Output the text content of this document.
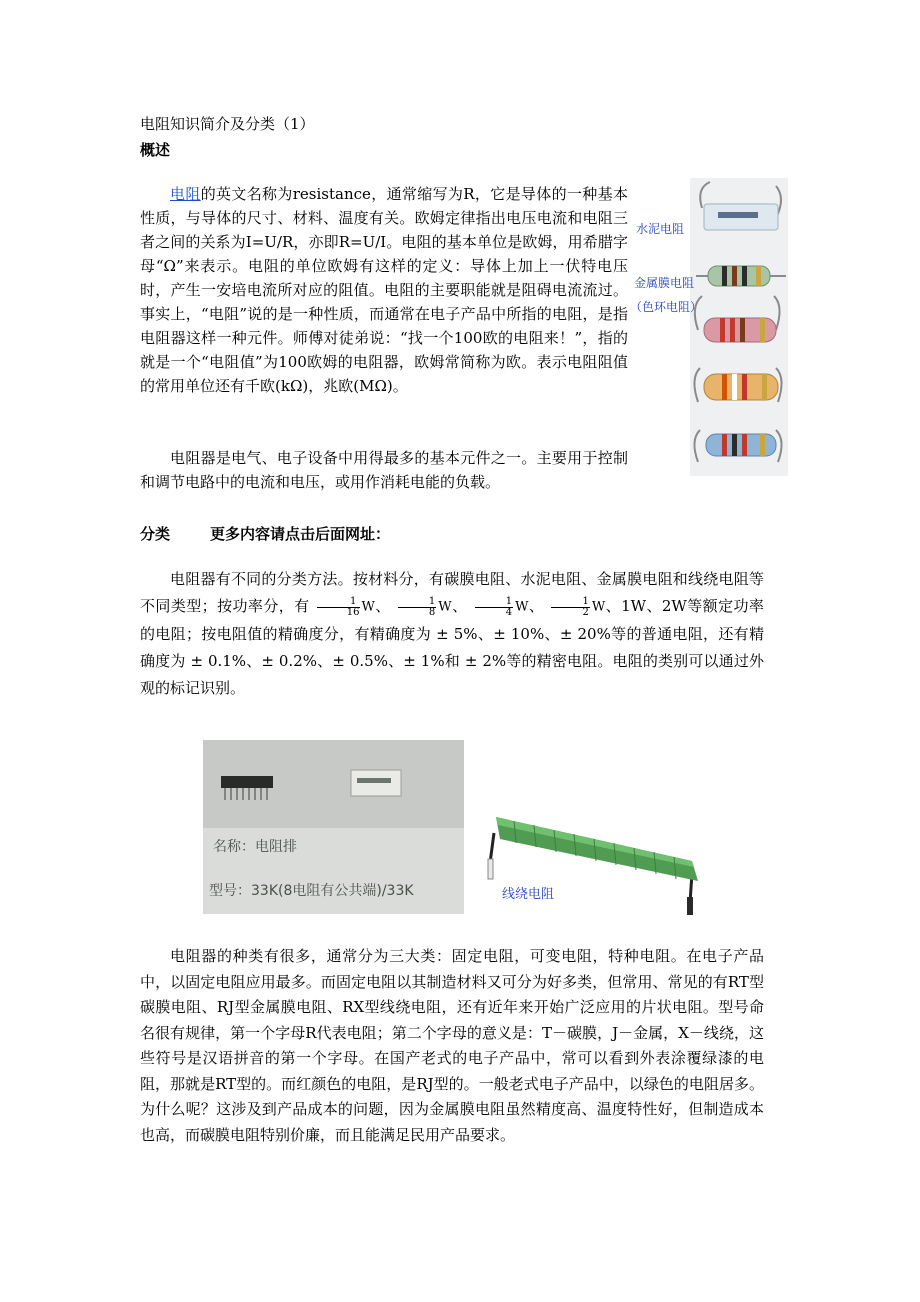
电阻知识简介及分类（1）
概述

电阻的英文名称为resistance，通常缩写为R，它是导体的一种基本性质，与导体的尺寸、材料、温度有关。欧姆定律指出电压电流和电阻三者之间的关系为I=U/R，亦即R=U/I。电阻的基本单位是欧姆，用希腊字母“Ω”来表示。电阻的单位欧姆有这样的定义：导体上加上一伏特电压时，产生一安培电流所对应的阻值。电阻的主要职能就是阻碍电流流过。事实上，“电阻”说的是一种性质，而通常在电子产品中所指的电阻，是指电阻器这样一种元件。师傅对徒弟说：“找一个100欧的电阻来！”，指的就是一个“电阻值”为100欧姆的电阻器，欧姆常简称为欧。表示电阻阻值的常用单位还有千欧(kΩ)，兆欧(MΩ)。

电阻器是电气、电子设备中用得最多的基本元件之一。主要用于控制和调节电路中的电流和电压，或用作消耗电能的负载。

水泥电阻
金属膜电阻
（色环电阻）
分类	更多内容请点击后面网址：

电阻器有不同的分类方法。按材料分，有碳膜电阻、水泥电阻、金属膜电阻和线绕电阻等不同类型；按功率分，有 $\frac{1}{16}$ W、 $\frac{1}{8}$ W、 $\frac{1}{4}$ W、 $\frac{1}{2}$ W、1W、2W等额定功率的电阻；按电阻值的精确度分，有精确度为 ± 5%、± 10%、± 20%等的普通电阻，还有精确度为 ± 0.1%、± 0.2%、± 0.5%、± 1%和 ± 2%等的精密电阻。电阻的类别可以通过外观的标记识别。

名称：电阻排
型号：33K(8电阻有公共端)/33K	线绕电阻

电阻器的种类有很多，通常分为三大类：固定电阻，可变电阻，特种电阻。在电子产品中，以固定电阻应用最多。而固定电阻以其制造材料又可分为好多类，但常用、常见的有RT型碳膜电阻、RJ型金属膜电阻、RX型线绕电阻，还有近年来开始广泛应用的片状电阻。型号命名很有规律，第一个字母R代表电阻；第二个字母的意义是：T－碳膜，J－金属，X－线绕，这些符号是汉语拼音的第一个字母。在国产老式的电子产品中，常可以看到外表涂覆绿漆的电阻，那就是RT型的。而红颜色的电阻，是RJ型的。一般老式电子产品中，以绿色的电阻居多。为什么呢？这涉及到产品成本的问题，因为金属膜电阻虽然精度高、温度特性好，但制造成本也高，而碳膜电阻特别价廉，而且能满足民用产品要求。
